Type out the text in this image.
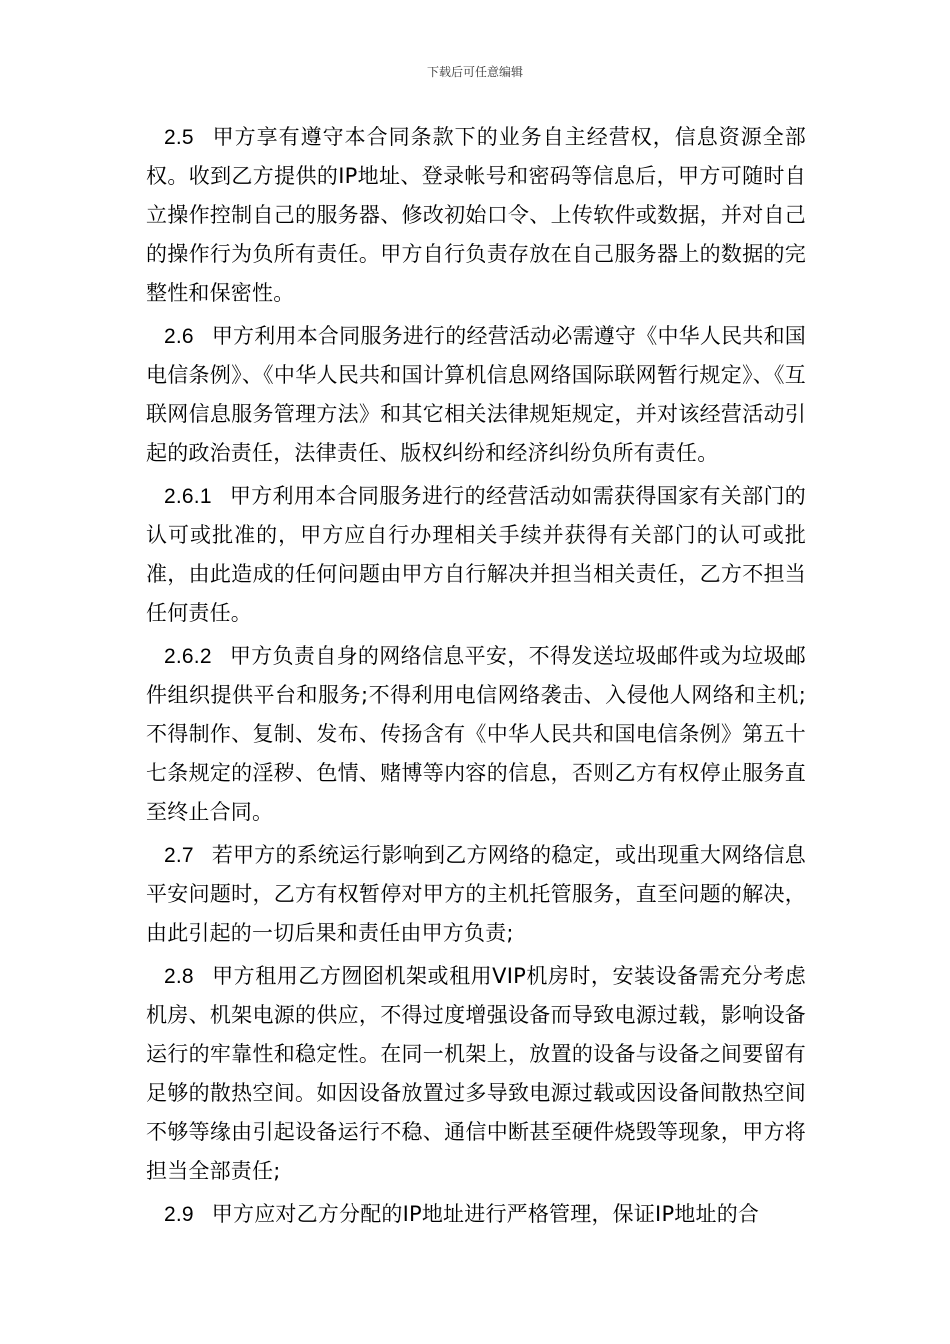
下载后可任意编辑

2.5 甲方享有遵守本合同条款下的业务自主经营权，信息资源全部权。收到乙方提供的IP地址、登录帐号和密码等信息后，甲方可随时自立操作控制自己的服务器、修改初始口令、上传软件或数据，并对自己的操作行为负所有责任。甲方自行负责存放在自己服务器上的数据的完整性和保密性。

2.6 甲方利用本合同服务进行的经营活动必需遵守《中华人民共和国电信条例》、《中华人民共和国计算机信息网络国际联网暂行规定》、《互联网信息服务管理方法》和其它相关法律规矩规定，并对该经营活动引起的政治责任，法律责任、版权纠纷和经济纠纷负所有责任。

2.6.1 甲方利用本合同服务进行的经营活动如需获得国家有关部门的认可或批准的，甲方应自行办理相关手续并获得有关部门的认可或批准，由此造成的任何问题由甲方自行解决并担当相关责任，乙方不担当任何责任。

2.6.2 甲方负责自身的网络信息平安，不得发送垃圾邮件或为垃圾邮件组织提供平台和服务;不得利用电信网络袭击、入侵他人网络和主机;不得制作、复制、发布、传扬含有《中华人民共和国电信条例》第五十七条规定的淫秽、色情、赌博等内容的信息，否则乙方有权停止服务直至终止合同。

2.7 若甲方的系统运行影响到乙方网络的稳定，或出现重大网络信息平安问题时，乙方有权暂停对甲方的主机托管服务，直至问题的解决，由此引起的一切后果和责任由甲方负责;

2.8 甲方租用乙方囫囵机架或租用VIP机房时，安装设备需充分考虑机房、机架电源的供应，不得过度增强设备而导致电源过载，影响设备运行的牢靠性和稳定性。在同一机架上，放置的设备与设备之间要留有足够的散热空间。如因设备放置过多导致电源过载或因设备间散热空间不够等缘由引起设备运行不稳、通信中断甚至硬件烧毁等现象，甲方将担当全部责任;

2.9 甲方应对乙方分配的IP地址进行严格管理，保证IP地址的合
